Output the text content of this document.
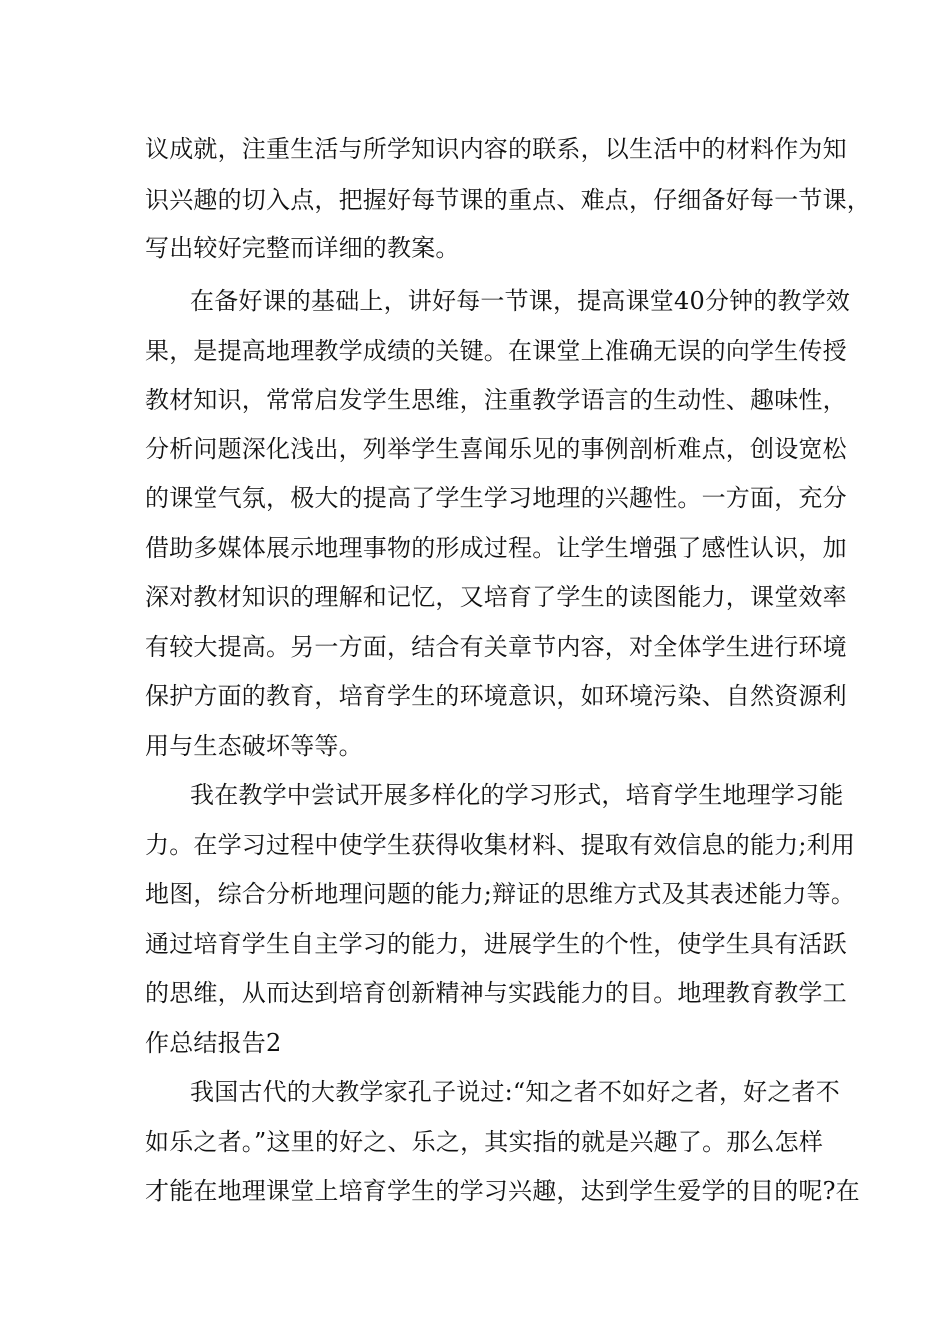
议成就，注重生活与所学知识内容的联系，以生活中的材料作为知
识兴趣的切入点，把握好每节课的重点、难点，仔细备好每一节课，
写出较好完整而详细的教案。
在备好课的基础上，讲好每一节课，提高课堂40分钟的教学效
果，是提高地理教学成绩的关键。在课堂上准确无误的向学生传授
教材知识，常常启发学生思维，注重教学语言的生动性、趣味性，
分析问题深化浅出，列举学生喜闻乐见的事例剖析难点，创设宽松
的课堂气氛，极大的提高了学生学习地理的兴趣性。一方面，充分
借助多媒体展示地理事物的形成过程。让学生增强了感性认识，加
深对教材知识的理解和记忆，又培育了学生的读图能力，课堂效率
有较大提高。另一方面，结合有关章节内容，对全体学生进行环境
保护方面的教育，培育学生的环境意识，如环境污染、自然资源利
用与生态破坏等等。
我在教学中尝试开展多样化的学习形式，培育学生地理学习能
力。在学习过程中使学生获得收集材料、提取有效信息的能力;利用
地图，综合分析地理问题的能力;辩证的思维方式及其表述能力等。
通过培育学生自主学习的能力，进展学生的个性，使学生具有活跃
的思维，从而达到培育创新精神与实践能力的目。地理教育教学工
作总结报告2
我国古代的大教学家孔子说过:“知之者不如好之者，好之者不
如乐之者。”这里的好之、乐之，其实指的就是兴趣了。那么怎样
才能在地理课堂上培育学生的学习兴趣，达到学生爱学的目的呢?在
